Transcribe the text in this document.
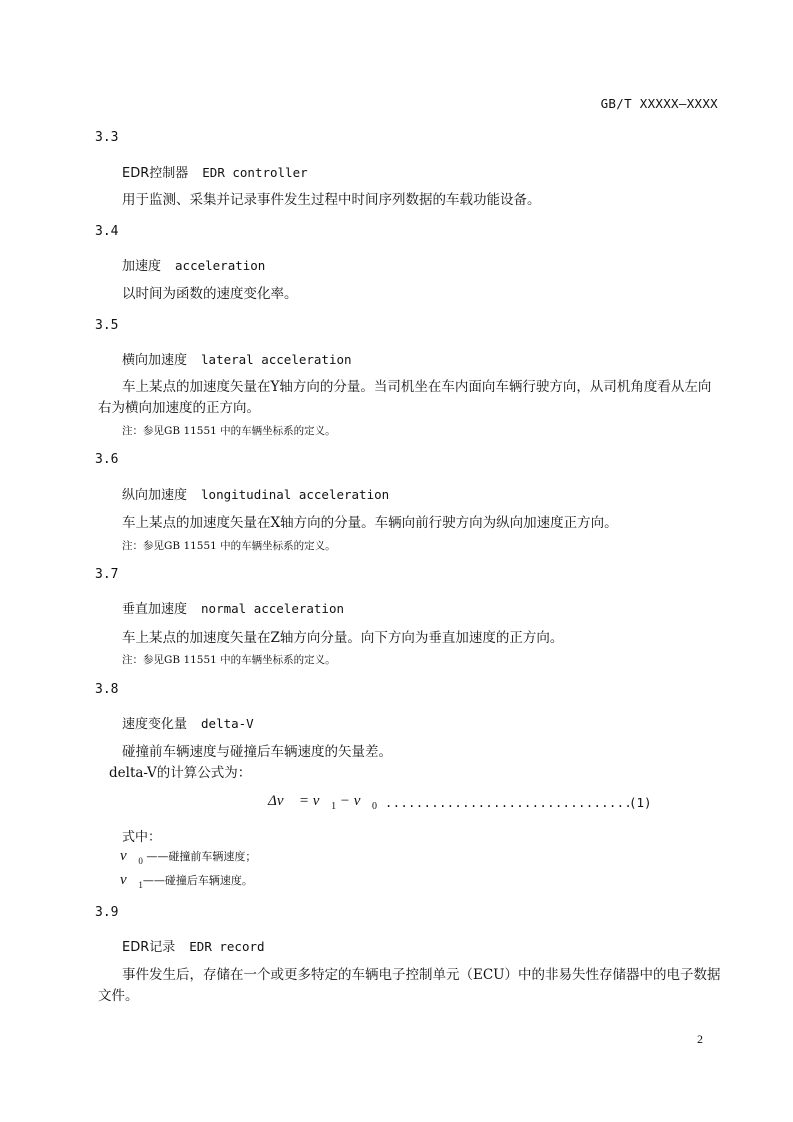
GB/T XXXXX—XXXX
3.3
EDR控制器 EDR controller
用于监测、采集并记录事件发生过程中时间序列数据的车载功能设备。
3.4
加速度 acceleration
以时间为函数的速度变化率。
3.5
横向加速度 lateral acceleration
车上某点的加速度矢量在Y轴方向的分量。当司机坐在车内面向车辆行驶方向，从司机角度看从左向右为横向加速度的正方向。
注：参见GB 11551 中的车辆坐标系的定义。
3.6
纵向加速度 longitudinal acceleration
车上某点的加速度矢量在X轴方向的分量。车辆向前行驶方向为纵向加速度正方向。
注：参见GB 11551 中的车辆坐标系的定义。
3.7
垂直加速度 normal acceleration
车上某点的加速度矢量在Z轴方向分量。向下方向为垂直加速度的正方向。
注：参见GB 11551 中的车辆坐标系的定义。
3.8
速度变化量 delta-V
碰撞前车辆速度与碰撞后车辆速度的矢量差。
delta-V的计算公式为：
Δv⃗ = $v⃗_1$ − $v⃗_0$ ................................
(1)
式中：
$v⃗_0$ ——碰撞前车辆速度；
$v⃗_1——$碰撞后车辆速度。
3.9
EDR记录 EDR record
事件发生后，存储在一个或更多特定的车辆电子控制单元（ECU）中的非易失性存储器中的电子数据文件。
2
